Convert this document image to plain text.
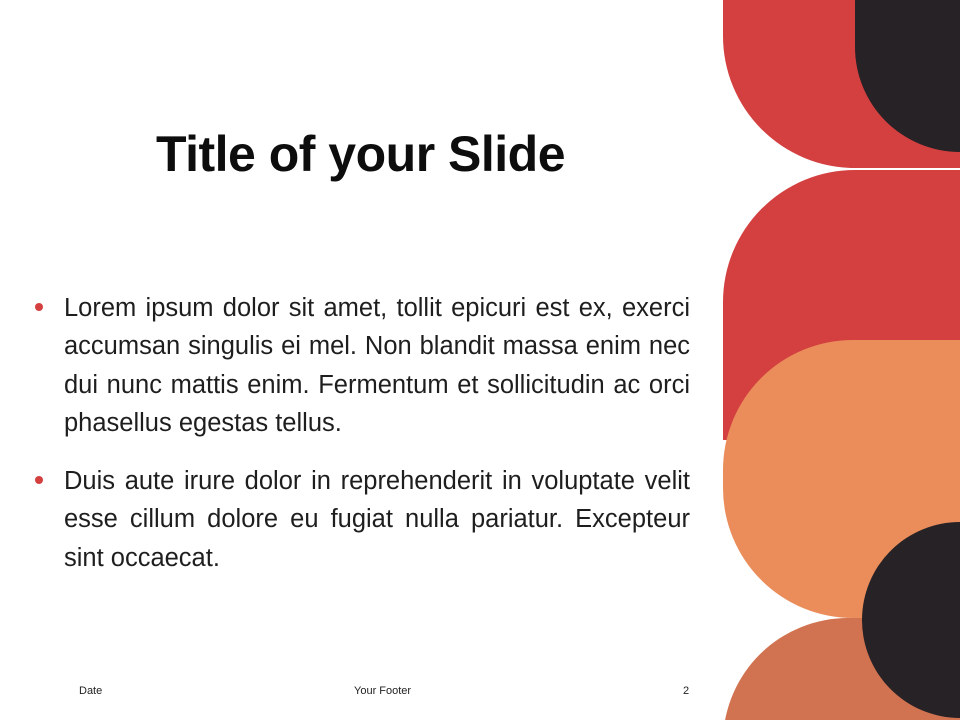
Title of your Slide
Lorem ipsum dolor sit amet, tollit epicuri est ex, exerci accumsan singulis ei mel. Non blandit massa enim nec dui nunc mattis enim. Fermentum et sollicitudin ac orci phasellus egestas tellus.
Duis aute irure dolor in reprehenderit in voluptate velit esse cillum dolore eu fugiat nulla pariatur. Excepteur sint occaecat.
Date	Your Footer	2
